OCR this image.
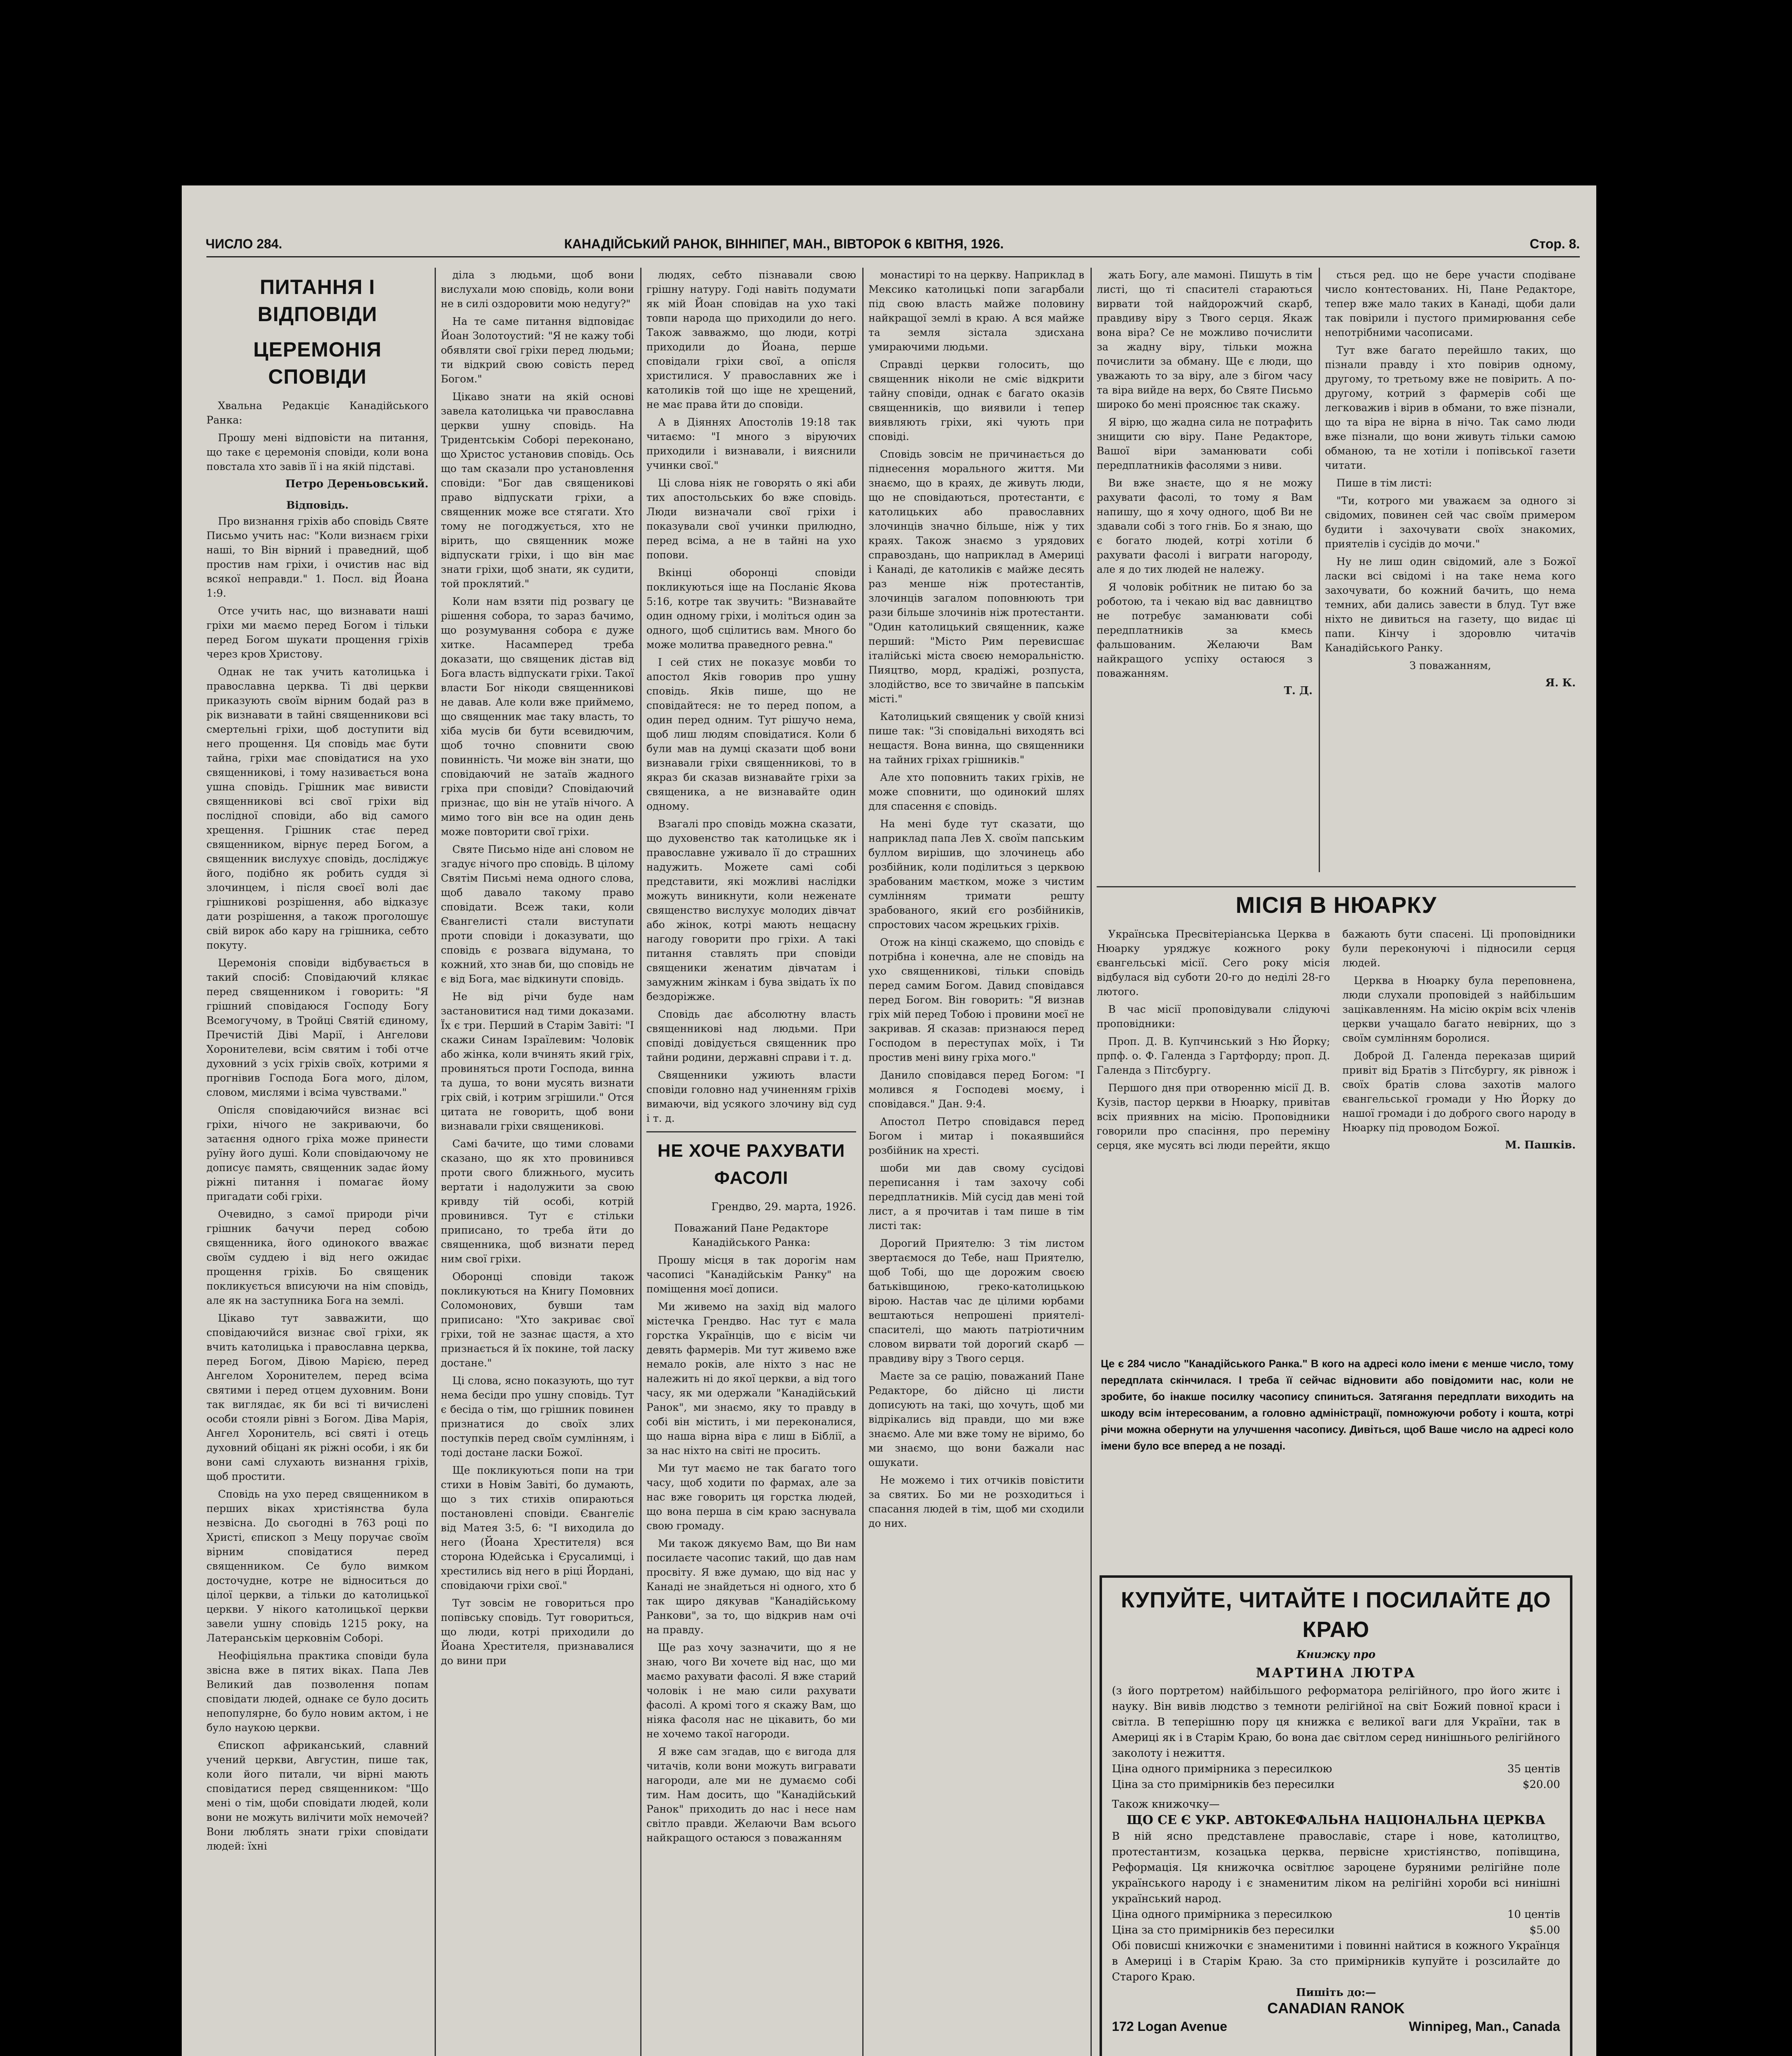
ЧИСЛО 284.	КАНАДІЙСЬКИЙ РАНОК, ВІННІПЕГ, МАН., ВІВТОРОК 6 КВІТНЯ, 1926.	Стор. 8.
ПИТАННЯ І ВІДПОВІДИ
ЦЕРЕМОНІЯ СПОВІДИ

Хвальна Редакціє Канадійського Ранка:

Прошу мені відповісти на питання, що таке є церемонія сповіди, коли вона повстала хто завів її і на якій підставі.

Петро Дереньовський.
Відповідь.

Про визнання гріхів або сповідь Святе Письмо учить нас: "Коли визнаєм гріхи наші, то Він вірний і праведний, щоб простив нам гріхи, і очистив нас від всякої неправди." 1. Посл. від Йоана 1:9.

Отсе учить нас, що визнавати наші гріхи ми маємо перед Богом і тільки перед Богом шукати прощення гріхів через кров Христову.

Однак не так учить католицька і православна церква. Ті дві церкви приказують своїм вірним бодай раз в рік визнавати в тайні священникови всі смертельні гріхи, щоб доступити від него прощення. Ця сповідь має бути тайна, гріхи має сповідатися на ухо священникові, і тому називається вона ушна сповідь. Грішник має вивисти священникові всі свої гріхи від послідної сповіди, або від самого хрещення. Грішник стає перед священником, вірнує перед Богом, а священник вислухує сповідь, досліджує його, подібно як робить суддя зі злочинцем, і після своєї волі дає грішникові розрішення, або відказує дати розрішення, а також проголошує свій вирок або кару на грішника, себто покуту.

Церемонія сповіди відбувається в такий спосіб: Сповідаючий клякає перед священником і говорить: "Я грішний сповідаюся Господу Богу Всемогучому, в Тройці Святій єдиному, Пречистій Діві Марії, і Ангелови Хоронителеви, всім святим і тобі отче духовний з усіх гріхів своїх, котрими я прогнівив Господа Бога мого, ділом, словом, мислями і всіма чувствами."

Опісля сповідаючийся визнає всі гріхи, нічого не закриваючи, бо затаєння одного гріха може принести руїну його душі. Коли сповідаючому не дописує память, священник задає йому ріжні питання і помагає йому пригадати собі гріхи.

Очевидно, з самої природи річи грішник бачучи перед собою священника, його одинокого вважає своїм суддею і від него ожидає прощення гріхів. Бо священик покликується вписуючи на нім сповідь, але як на заступника Бога на землі.

Цікаво тут завважити, що сповідаючийся визнає свої гріхи, як вчить католицька і православна церква, перед Богом, Дівою Марією, перед Ангелом Хоронителем, перед всіма святими і перед отцем духовним. Вони так виглядає, як би всі ті вичислені особи стояли рівні з Богом. Діва Марія, Ангел Хоронитель, всі святі і отець духовний обіцані як ріжні особи, і як би вони самі слухають визнання гріхів, щоб простити.

Сповідь на ухо перед священником в перших віках христіянства була незвісна. До сьогодні в 763 році по Христі, єпископ з Мецу поручає своїм вірним сповідатися перед священником. Се було вимком досточудне, котре не відноситься до цілої церкви, а тільки до католицької церкви. У нікого католицької церкви завели ушну сповідь 1215 року, на Латеранськім церковнім Соборі.

Неофіціяльна практика сповіди була звісна вже в пятих віках. Папа Лев Великий дав позволення попам сповідати людей, однаке се було досить непопулярне, бо було новим актом, і не було наукою церкви.

Єпископ африканський, славний учений церкви, Августин, пише так, коли його питали, чи вірні мають сповідатися перед священником: "Що мені о тім, щоби сповідати людей, коли вони не можуть вилічити моїх немочей? Вони люблять знати гріхи сповідати людей: їхні

діла з людьми, щоб вони вислухали мою сповідь, коли вони не в силі оздоровити мою недугу?"

На те саме питання відповідає Йоан Золотоустий: "Я не кажу тобі обявляти свої гріхи перед людьми; ти відкрий свою совість перед Богом."

Цікаво знати на якій основі завела католицька чи православна церкви ушну сповідь. На Тридентськім Соборі переконано, що Христос установив сповідь. Ось що там сказали про установлення сповіди: "Бог дав священикові право відпускати гріхи, а священник може все стягати. Хто тому не погоджується, хто не вірить, що священник може відпускати гріхи, і що він має знати гріхи, щоб знати, як судити, той проклятий."

Коли нам взяти під розвагу це рішення собора, то зараз бачимо, що розумування собора є дуже хитке. Насамперед треба доказати, що священик дістав від Бога власть відпускати гріхи. Такої власти Бог нікоди священникові не давав. Але коли вже приймемо, що священник має таку власть, то хіба мусів би бути всевидючим, щоб точно сповнити свою повинність. Чи може він знати, що сповідаючий не затаїв жадного гріха при сповіди? Сповідаючий признає, що він не утаїв нічого. А мимо того він все на один день може повторити свої гріхи.

Святе Письмо ніде ані словом не згадує нічого про сповідь. В цілому Святім Письмі нема одного слова, щоб давало такому право сповідати. Всеж таки, коли Євангелисті стали виступати проти сповіди і доказувати, що сповідь є розвага відумана, то кожний, хто знав би, що сповідь не є від Бога, має відкинути сповідь.

Не від річи буде нам застановитися над тими доказами. Їх є три. Перший в Старім Завіті: "І скажи Синам Ізраїлевим: Чоловік або жінка, коли вчинять який гріх, провиняться проти Господа, винна та душа, то вони мусять визнати гріх свій, і котрим згрішили." Отся цитата не говорить, щоб вони визнавали гріхи священикові.

Самі бачите, що тими словами сказано, що як хто провинився проти свого ближнього, мусить вертати і надолужити за свою кривду тій особі, котрій провинився. Тут є стільки приписано, то треба йти до священника, щоб визнати перед ним свої гріхи.

Оборонці сповіди також покликуються на Книгу Помовних Соломонових, бувши там приписано: "Хто закриває свої гріхи, той не зазнає щастя, а хто признається й їх покине, той ласку достане."

Ці слова, ясно показують, що тут нема бесіди про ушну сповідь. Тут є бесіда о тім, що грішник повинен признатися до своїх злих поступків перед своїм сумлінням, і тоді достане ласки Божої.

Ще покликуються попи на три стихи в Новім Завіті, бо думають, що з тих стихів опираються постановлені сповіди. Євангеліє від Матея 3:5, 6: "І виходила до него (Йоана Хрестителя) вся сторона Юдейська і Єрусалимці, і хрестились від него в ріці Йордані, сповідаючи гріхи свої."

Тут зовсім не говориться про попівську сповідь. Тут говориться, що люди, котрі приходили до Йоана Хрестителя, признавалися до вини при

людях, себто пізнавали свою грішну натуру. Годі навіть подумати як мій Йоан сповідав на ухо такі товпи народа що приходили до него. Також завважмо, що люди, котрі приходили до Йоана, перше сповідали гріхи свої, а опісля христилися. У православних же і католиків той що іще не хрещений, не має права йти до сповіди.

А в Діяннях Апостолів 19:18 так читаємо: "І много з віруючих приходили і визнавали, і вияснили учинки свої."

Ці слова ніяк не говорять о які аби тих апостольських бо вже сповідь. Люди визначали свої гріхи і показували свої учинки прилюдно, перед всіма, а не в тайні на ухо попови.

Вкінці оборонці сповіди покликуються іще на Посланіє Якова 5:16, котре так звучить: "Визнавайте один одному гріхи, і моліться один за одного, щоб сцілитись вам. Много бо може молитва праведного ревна."

І сей стих не показує мовби то апостол Яків говорив про ушну сповідь. Яків пише, що не сповідайтеся: не то перед попом, а один перед одним. Тут рішучо нема, щоб лиш людям сповідатися. Коли б були мав на думці сказати щоб вони визнавали гріхи священникові, то в якраз би сказав визнавайте гріхи за священика, а не визнавайте один одному.

Взагалі про сповідь можна сказати, що духовенство так католицьке як і православне уживало її до страшних надужить. Можете самі собі представити, які можливі наслідки можуть виникнути, коли неженате священство вислухує молодих дівчат або жінок, котрі мають нещасну нагоду говорити про гріхи. А такі питання ставлять при сповіди священики женатим дівчатам і замужним жінкам і бува звідать їх по бездоріжже.

Сповідь дає абсолютну власть священникові над людьми. При сповіді довідується священник про тайни родини, державні справи і т. д.

Священники ужиють власти сповіди головно над учиненням гріхів вимаючи, від усякого злочину від суд і т. д.

НЕ ХОЧЕ РАХУВАТИ ФАСОЛІ
Грендво, 29. марта, 1926.

Поважаний Пане Редакторе Канадійського Ранка:

Прошу місця в так дорогім нам часописі "Канадійськім Ранку" на поміщення моєї дописи.

Ми живемо на захід від малого містечка Грендво. Нас тут є мала горстка Українців, що є вісім чи девять фармерів. Ми тут живемо вже немало років, але ніхто з нас не належить ні до якої церкви, а від того часу, як ми одержали "Канадійський Ранок", ми знаємо, яку то правду в собі він містить, і ми переконалися, що наша вірна віра є лиш в Біблії, а за нас ніхто на світі не просить.

Ми тут маємо не так багато того часу, щоб ходити по фармах, але за нас вже говорить ця горстка людей, що вона перша в сім краю заснувала свою громаду.

Ми також дякуємо Вам, що Ви нам посилаєте часопис такий, що дав нам просвіту. Я вже думаю, що від нас у Канаді не знайдеться ні одного, хто б так щиро дякував "Канадійському Ранкови", за то, що відкрив нам очі на правду.

Ще раз хочу зазначити, що я не знаю, чого Ви хочете від нас, що ми маємо рахувати фасолі. Я вже старий чоловік і не маю сили рахувати фасолі. А кромі того я скажу Вам, що ніяка фасоля нас не цікавить, бо ми не хочемо такої нагороди.

Я вже сам згадав, що є вигода для читачів, коли вони можуть вигравати нагороди, але ми не думаємо собі тим. Нам досить, що "Канадійський Ранок" приходить до нас і несе нам світло правди. Желаючи Вам всього найкращого остаюся з поважанням

монастирі то на церкву. Наприклад в Мексико католицькі попи загарбали під свою власть майже половину найкращої землі в краю. А вся майже та земля зістала здисхана умираючими людьми.

Справді церкви голосить, що священник ніколи не сміє відкрити тайну сповіди, однак є багато оказів священників, що виявили і тепер виявляють гріхи, які чують при сповіді.

Сповідь зовсім не причинається до піднесення морального життя. Ми знаємо, що в краях, де живуть люди, що не сповідаються, протестанти, є католицьких або православних злочинців значно більше, ніж у тих краях. Також знаємо з урядових справоздань, що наприклад в Америці і Канаді, де католиків є майже десять раз менше ніж протестантів, злочинців загалом поповнюють три рази більше злочинів ніж протестанти. "Один католицький священник, каже перший: "Місто Рим перевисшає італійські міста своєю неморальністю. Пияцтво, морд, крадіжі, розпуста, злодійство, все то звичайне в папськім місті."

Католицький священик у своїй книзі пише так: "Зі сповідальні виходять всі нещастя. Вона винна, що священники на тайних гріхах грішників."

Але хто поповнить таких гріхів, не може сповнити, що одинокий шлях для спасення є сповідь.

На мені буде тут сказати, що наприклад папа Лев Х. своїм папським буллом вирішив, що злочинець або розбійник, коли поділиться з церквою зрабованим маєтком, може з чистим сумлінням тримати решту зрабованого, який єго розбійників, спростових часом жрецьких гріхів.

Отож на кінці скажемо, що сповідь є потрібна і конечна, але не сповідь на ухо священникові, тільки сповідь перед самим Богом. Давид сповідався перед Богом. Він говорить: "Я визнав гріх мій перед Тобою і провини моєї не закривав. Я сказав: признаюся перед Господом в переступах моїх, і Ти простив мені вину гріха мого."

Данило сповідався перед Богом: "І молився я Господеві моєму, і сповідався." Дан. 9:4.

Апостол Петро сповідався перед Богом і митар і покаявшийся розбійник на хресті.

шоби ми дав свому сусідові переписання і там захочу собі передплатників. Мій сусід дав мені той лист, а я прочитав і там пише в тім листі так:

Дорогий Приятелю: З тім листом звертаємося до Тебе, наш Приятелю, щоб Тобі, що ще дорожим своєю батьківщиною, греко-католицькою вірою. Настав час де цілими юрбами вештаються непрошені приятелі-спасителі, що мають патріотичним словом вирвати той дорогий скарб — правдиву віру з Твого серця.

Маєте за се рацію, поважаний Пане Редакторе, бо дійсно ці листи дописують на такі, що хочуть, щоб ми відрікались від правди, що ми вже знаємо. Але ми вже тому не віримо, бо ми знаємо, що вони бажали нас ошукати.

Не можемо і тих отчиків повістити за святих. Бо ми не розходиться і спасання людей в тім, щоб ми сходили до них.

жать Богу, але мамоні. Пишуть в тім листі, що ті спасителі стараються вирвати той найдорожчий скарб, правдиву віру з Твого серця. Якаж вона віра? Се не можливо почислити за жадну віру, тільки можна почислити за обману. Ще є люди, що уважають то за віру, але з бігом часу та віра вийде на верх, бо Святе Письмо широко бо мені прояснює так скажу.

Я вірю, що жадна сила не потрафить знищити сю віру. Пане Редакторе, Вашої віри заманювати собі передплатників фасолями з ниви.

Ви вже знаєте, що я не можу рахувати фасолі, то тому я Вам напишу, що я хочу одного, щоб Ви не здавали собі з того гнів. Бо я знаю, що є богато людей, котрі хотіли б рахувати фасолі і виграти нагороду, але я до тих людей не належу.

Я чоловік робітник не питаю бо за роботою, та і чекаю від вас давництво не потребує заманювати собі передплатників за кмесь фальшованим. Желаючи Вам найкращого успіху остаюся з поважанням.

Т. Д.

сться ред. що не бере участи сподіване число контестованих. Ні, Пане Редакторе, тепер вже мало таких в Канаді, щоби дали так повірили і пустого примирювання себе непотрібними часописами.

Тут вже багато перейшло таких, що пізнали правду і хто повірив одному, другому, то третьому вже не повірить. А по-другому, котрий з фармерів собі ще легковажив і вірив в обмани, то вже пізнали, що та віра не вірна в нічо. Так само люди вже пізнали, що вони живуть тільки самою обманою, та не хотіли і попівської газети читати.

Пише в тім листі:

"Ти, котрого ми уважаєм за одного зі свідомих, повинен сей час своїм примером будити і захочувати своїх знакомих, приятелів і сусідів до мочи."

Ну не лиш один свідомий, але з Божої ласки всі свідомі і на таке нема кого захочувати, бо кожний бачить, що нема темних, аби дались завести в блуд. Тут вже ніхто не дивиться на газету, що видає ці папи. Кінчу і здоровлю читачів Канадійського Ранку.

З поважанням,

Я. К.
МІСІЯ В НЮАРКУ

Українська Пресвітеріанська Церква в Нюарку уряджує кожного року євангельські місії. Сего року місія відбулася від суботи 20-го до неділі 28-го лютого.

В час місії проповідували слідуючі проповідники:

Проп. Д. В. Купчинський з Ню Йорку; прпф. о. Ф. Галенда з Гартфорду; проп. Д. Галенда з Пітсбургу.

Першого дня при отворенню місії Д. В. Кузів, пастор церкви в Нюарку, привітав всіх приявних на місію. Проповідники говорили про спасіння, про переміну серця, яке мусять всі люди перейти, якщо бажають бути спасені. Ці проповідники були переконуючі і підносили серця людей.

Церква в Нюарку була переповнена, люди слухали проповідей з найбільшим зацікавленням. На місію окрім всіх членів церкви учащало багато невірних, що з своїм сумлінням боролися.

Доброй Д. Галенда переказав щирий привіт від Братів з Пітсбургу, як рівнож і своїх братів слова захотів малого євангельської громади у Ню Йорку до нашої громади і до доброго свого народу в Нюарку під проводом Божої.

М. Пашків.
Це є 284 число "Канадійського Ранка." В кого на адресі коло імени є менше число, тому передплата скінчилася. І треба її сейчас відновити або повідомити нас, коли не зробите, бо інакше посилку часопису спиниться. Затягання передплати виходить на шкоду всім інтересованим, а головно адміністрації, помножуючи роботу і кошта, котрі річи можна обернути на улучшення часопису. Дивіться, щоб Ваше число на адресі коло імени було все вперед а не позаді.
КУПУЙТЕ, ЧИТАЙТЕ І ПОСИЛАЙТЕ ДО КРАЮ
Книжку про
МАРТИНА ЛЮТРА
(з його портретом) найбільшого реформатора релігійного, про його житє і науку. Він вивів людство з темноти релігійної на світ Божий повної краси і світла. В теперішню пору ця книжка є великої ваги для України, так в Америці як і в Старім Краю, бо вона дає світлом серед нинішнього релігійного заколоту і нежиття.
Ціна одного примірника з пересилкою	35 центів
Ціна за сто примірників без пересилки	$20.00
Також книжочку—
ЩО СЕ Є УКР. АВТОКЕФАЛЬНА НАЦІОНАЛЬНА ЦЕРКВА
В ній ясно представлене православіє, старе і нове, католицтво, протестантизм, козацька церква, первісне христіянство, попівщина, Реформація. Ця книжочка освітлює зароцене буряними релігійне поле українського народу і є знаменитим ліком на релігійні хороби всі нинішні український народ.
Ціна одного примірника з пересилкою	10 центів
Ціна за сто примірників без пересилки	$5.00
Обі повисші книжочки є знаменитими і повинні найтися в кожного Українця в Америці і в Старім Краю. За сто примірників купуйте і розсилайте до Старого Краю.
Пишіть до:—
CANADIAN RANOK
172 Logan Avenue	Winnipeg, Man., Canada
